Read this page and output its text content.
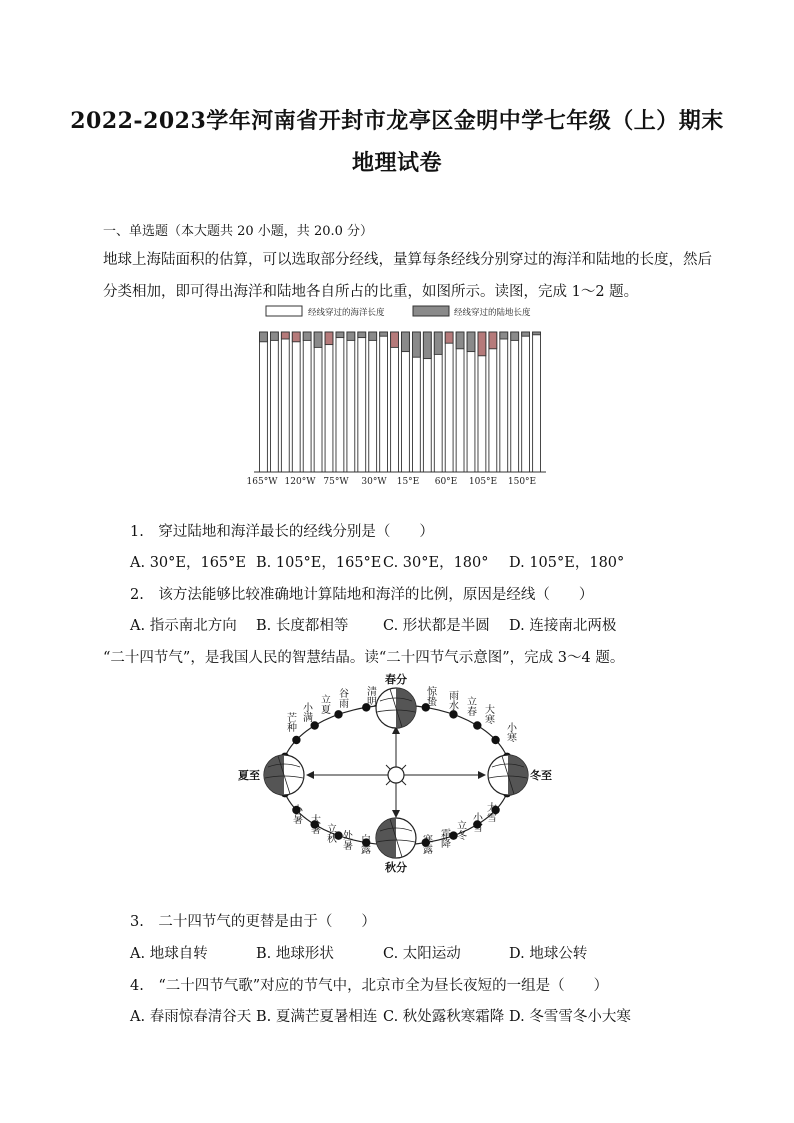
2022-2023学年河南省开封市龙亭区金明中学七年级（上）期末
地理试卷
一、单选题（本大题共 20 小题，共 20.0 分）
地球上海陆面积的估算，可以选取部分经线，量算每条经线分别穿过的海洋和陆地的长度，然后
分类相加，即可得出海洋和陆地各自所占的比重，如图所示。读图，完成 1～2 题。
经线穿过的海洋长度	经线穿过的陆地长度
165°W 120°W 75°W 30°W 15°E 60°E 105°E 150°E
1.　穿过陆地和海洋最长的经线分别是（　　）
A. 30°E，165°E B. 105°E，165°E C. 30°E，180° D. 105°E，180°
2.　该方法能够比较准确地计算陆地和海洋的比例，原因是经线（　　）
A. 指示南北方向 B. 长度都相等 C. 形状都是半圆 D. 连接南北两极
“二十四节气”，是我国人民的智慧结晶。读“二十四节气示意图”，完成 3～4 题。
春分
夏至
秋分
冬至
清明
谷雨
立夏
小满
芒种
惊蛰 雨水 立春 大寒
小寒
小暑 大暑 立秋 处暑 白露	寒露 霜降 立冬 小雪 大雪
3.　二十四节气的更替是由于（　　）
A. 地球自转	B. 地球形状	C. 太阳运动	D. 地球公转
4.　“二十四节气歌”对应的节气中，北京市全为昼长夜短的一组是（　　）
A. 春雨惊春清谷天 B. 夏满芒夏暑相连 C. 秋处露秋寒霜降 D. 冬雪雪冬小大寒
